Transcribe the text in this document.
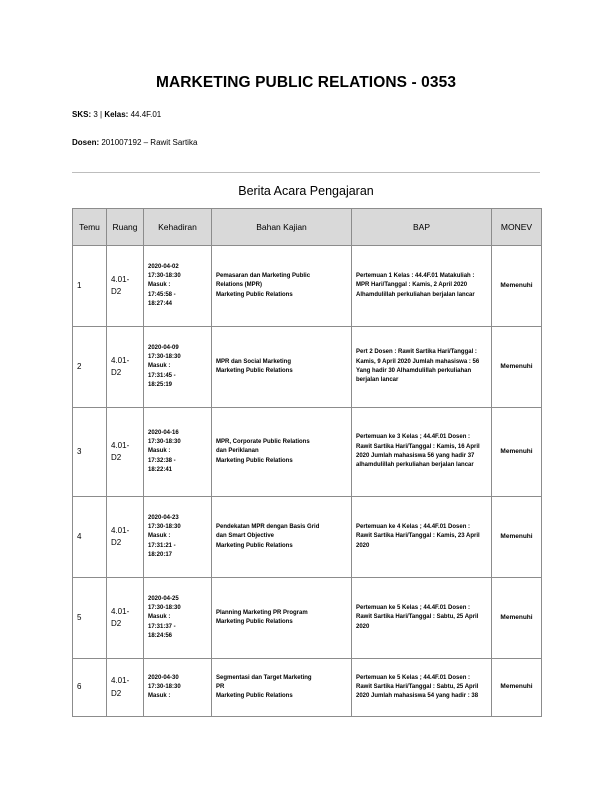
MARKETING PUBLIC RELATIONS - 0353
SKS: 3 | Kelas: 44.4F.01
Dosen: 201007192 – Rawit Sartika
Berita Acara Pengajaran
Temu	Ruang	Kehadiran	Bahan Kajian	BAP	MONEV
1	4.01-
D2	2020-04-02
17:30-18:30
Masuk :
17:45:58 -
18:27:44	Pemasaran dan Marketing Public
Relations (MPR)
Marketing Public Relations	Pertemuan 1 Kelas : 44.4F.01 Matakuliah : MPR Hari/Tanggal : Kamis, 2 April 2020 Alhamdulillah perkuliahan berjalan lancar	Memenuhi
2	4.01-
D2	2020-04-09
17:30-18:30
Masuk :
17:31:45 -
18:25:19	MPR dan Social Marketing
Marketing Public Relations	Pert 2 Dosen : Rawit Sartika Hari/Tanggal : Kamis, 9 April 2020 Jumlah mahasiswa : 56 Yang hadir 30 Alhamdulillah perkuliahan berjalan lancar	Memenuhi
3	4.01-
D2	2020-04-16
17:30-18:30
Masuk :
17:32:38 -
18:22:41	MPR, Corporate Public Relations
dan Periklanan
Marketing Public Relations	Pertemuan ke 3 Kelas ; 44.4F.01 Dosen : Rawit Sartika Hari/Tanggal : Kamis, 16 April 2020 Jumlah mahasiswa 56 yang hadir 37 alhamdulillah perkuliahan berjalan lancar	Memenuhi
4	4.01-
D2	2020-04-23
17:30-18:30
Masuk :
17:31:21 -
18:20:17	Pendekatan MPR dengan Basis Grid
dan Smart Objective
Marketing Public Relations	Pertemuan ke 4 Kelas ; 44.4F.01 Dosen : Rawit Sartika Hari/Tanggal : Kamis, 23 April 2020	Memenuhi
5	4.01-
D2	2020-04-25
17:30-18:30
Masuk :
17:31:37 -
18:24:56	Planning Marketing PR Program
Marketing Public Relations	Pertemuan ke 5 Kelas ; 44.4F.01 Dosen : Rawit Sartika Hari/Tanggal : Sabtu, 25 April 2020	Memenuhi
6	4.01-
D2	2020-04-30
17:30-18:30
Masuk :	Segmentasi dan Target Marketing
PR
Marketing Public Relations	Pertemuan ke 5 Kelas ; 44.4F.01 Dosen : Rawit Sartika Hari/Tanggal : Sabtu, 25 April 2020 Jumlah mahasiswa 54 yang hadir : 38	Memenuhi
